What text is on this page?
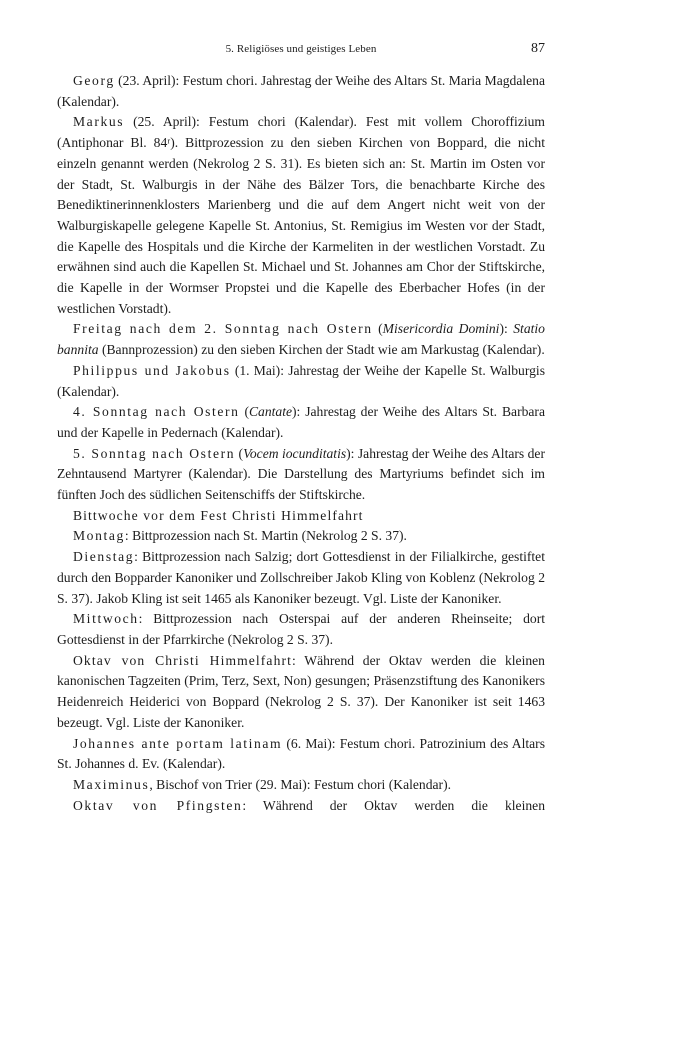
5. Religiöses und geistiges Leben	87

Georg (23. April): Festum chori. Jahrestag der Weihe des Altars St. Maria Magdalena (Kalendar).

Markus (25. April): Festum chori (Kalendar). Fest mit vollem Choroffizium (Antiphonar Bl. 84ʳ). Bittprozession zu den sieben Kirchen von Boppard, die nicht einzeln genannt werden (Nekrolog 2 S. 31). Es bieten sich an: St. Martin im Osten vor der Stadt, St. Walburgis in der Nähe des Bälzer Tors, die benachbarte Kirche des Benediktinerinnenklosters Marienberg und die auf dem Angert nicht weit von der Walburgiskapelle gelegene Kapelle St. Antonius, St. Remigius im Westen vor der Stadt, die Kapelle des Hospitals und die Kirche der Karmeliten in der westlichen Vorstadt. Zu erwähnen sind auch die Kapellen St. Michael und St. Johannes am Chor der Stiftskirche, die Kapelle in der Wormser Propstei und die Kapelle des Eberbacher Hofes (in der westlichen Vorstadt).

Freitag nach dem 2. Sonntag nach Ostern (Misericordia Domini): Statio bannita (Bannprozession) zu den sieben Kirchen der Stadt wie am Markustag (Kalendar).

Philippus und Jakobus (1. Mai): Jahrestag der Weihe der Kapelle St. Walburgis (Kalendar).

4. Sonntag nach Ostern (Cantate): Jahrestag der Weihe des Altars St. Barbara und der Kapelle in Pedernach (Kalendar).

5. Sonntag nach Ostern (Vocem iocunditatis): Jahrestag der Weihe des Altars der Zehntausend Martyrer (Kalendar). Die Darstellung des Martyriums befindet sich im fünften Joch des südlichen Seitenschiffs der Stiftskirche.

Bittwoche vor dem Fest Christi Himmelfahrt

Montag: Bittprozession nach St. Martin (Nekrolog 2 S. 37).

Dienstag: Bittprozession nach Salzig; dort Gottesdienst in der Filialkirche, gestiftet durch den Bopparder Kanoniker und Zollschreiber Jakob Kling von Koblenz (Nekrolog 2 S. 37). Jakob Kling ist seit 1465 als Kanoniker bezeugt. Vgl. Liste der Kanoniker.

Mittwoch: Bittprozession nach Osterspai auf der anderen Rheinseite; dort Gottesdienst in der Pfarrkirche (Nekrolog 2 S. 37).

Oktav von Christi Himmelfahrt: Während der Oktav werden die kleinen kanonischen Tagzeiten (Prim, Terz, Sext, Non) gesungen; Präsenzstiftung des Kanonikers Heidenreich Heiderici von Boppard (Nekrolog 2 S. 37). Der Kanoniker ist seit 1463 bezeugt. Vgl. Liste der Kanoniker.

Johannes ante portam latinam (6. Mai): Festum chori. Patrozinium des Altars St. Johannes d. Ev. (Kalendar).

Maximinus, Bischof von Trier (29. Mai): Festum chori (Kalendar).

Oktav von Pfingsten: Während der Oktav werden die kleinen
